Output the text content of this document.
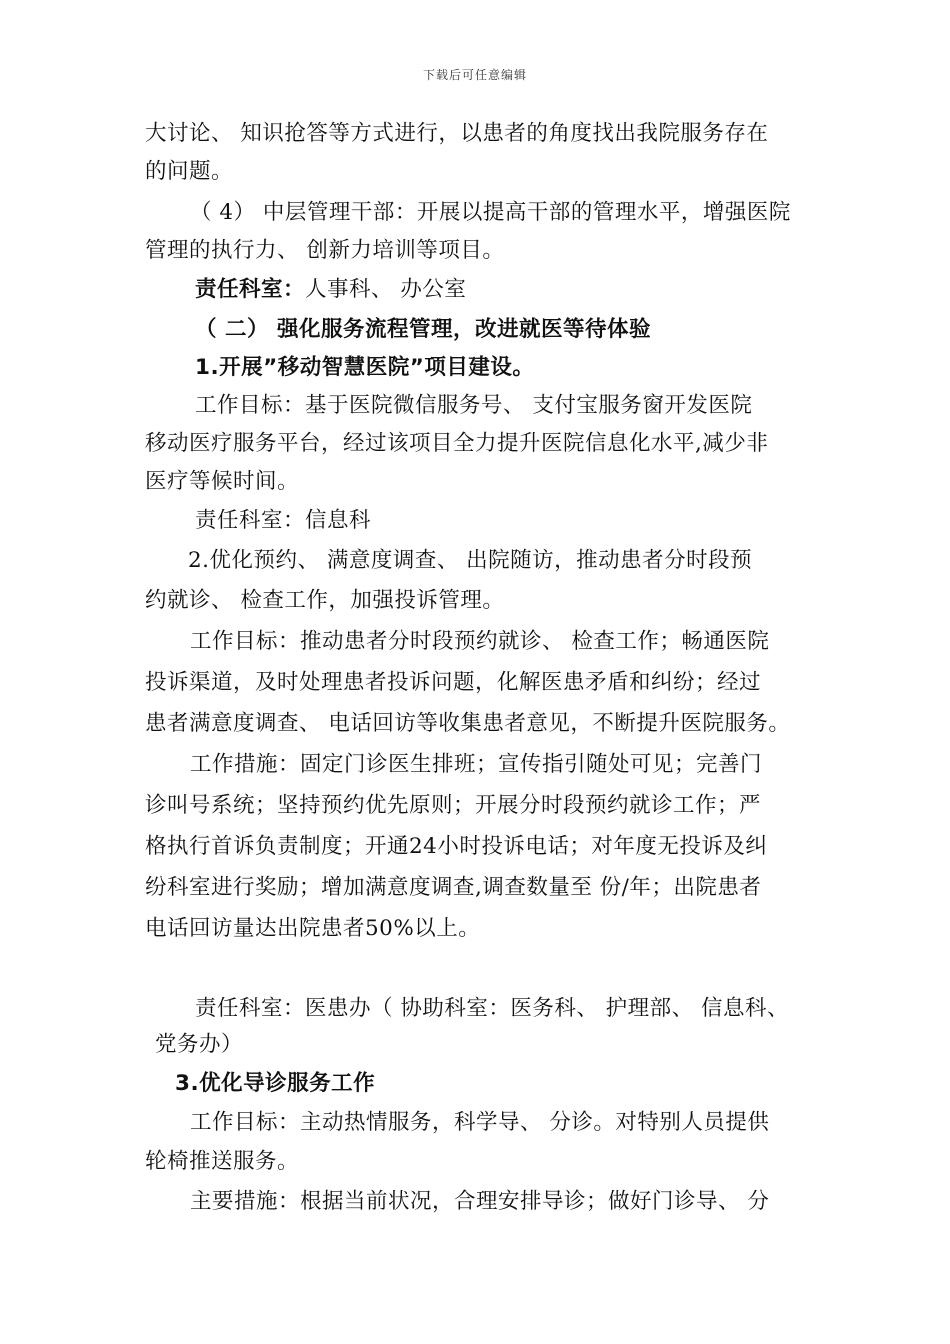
下载后可任意编辑
大讨论、 知识抢答等方式进行，以患者的角度找出我院服务存在
的问题。
（ 4） 中层管理干部：开展以提高干部的管理水平，增强医院
管理的执行力、 创新力培训等项目。
责任科室：人事科、 办公室
（ 二） 强化服务流程管理，改进就医等待体验
1.开展”移动智慧医院”项目建设。
工作目标：基于医院微信服务号、 支付宝服务窗开发医院
移动医疗服务平台，经过该项目全力提升医院信息化水平,减少非
医疗等候时间。
责任科室：信息科
2.优化预约、 满意度调查、 出院随访，推动患者分时段预
约就诊、 检查工作，加强投诉管理。
工作目标：推动患者分时段预约就诊、 检查工作；畅通医院
投诉渠道，及时处理患者投诉问题，化解医患矛盾和纠纷；经过
患者满意度调查、 电话回访等收集患者意见，不断提升医院服务。
工作措施：固定门诊医生排班；宣传指引随处可见；完善门
诊叫号系统；坚持预约优先原则；开展分时段预约就诊工作；严
格执行首诉负责制度；开通24小时投诉电话；对年度无投诉及纠
纷科室进行奖励；增加满意度调查,调查数量至 份/年；出院患者
电话回访量达出院患者50%以上。
责任科室：医患办（ 协助科室：医务科、 护理部、 信息科、
党务办）
3.优化导诊服务工作
工作目标：主动热情服务，科学导、 分诊。对特别人员提供
轮椅推送服务。
主要措施：根据当前状况，合理安排导诊；做好门诊导、 分
